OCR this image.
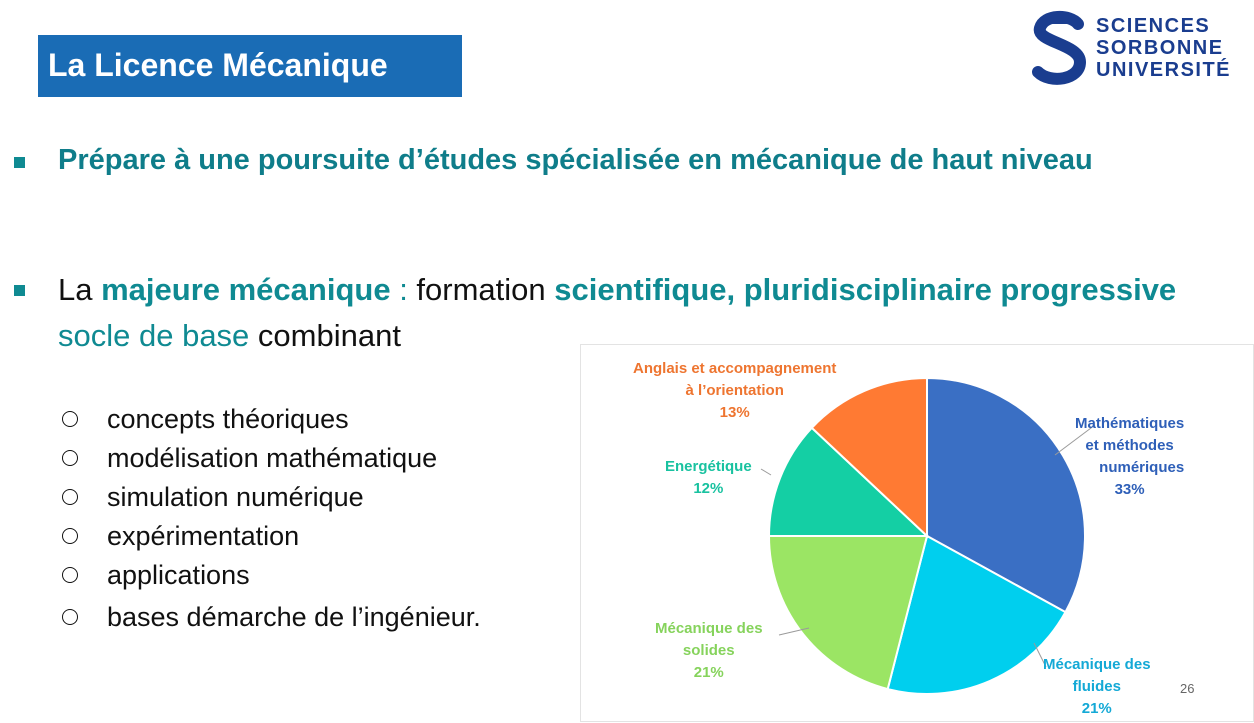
La Licence Mécanique
SCIENCES
SORBONNE
UNIVERSITÉ
Prépare à une poursuite d’études spécialisée en mécanique de haut niveau
La majeure mécanique : formation scientifique, pluridisciplinaire progressive
socle de base combinant
concepts théoriques
modélisation mathématique
simulation numérique
expérimentation
applications
bases démarche de l’ingénieur.
Mathématiques
et méthodes
numériques
33%
Mécanique des
fluides
21%
Mécanique des
solides
21%
Energétique
12%
Anglais et accompagnement
à l’orientation
13%
26
